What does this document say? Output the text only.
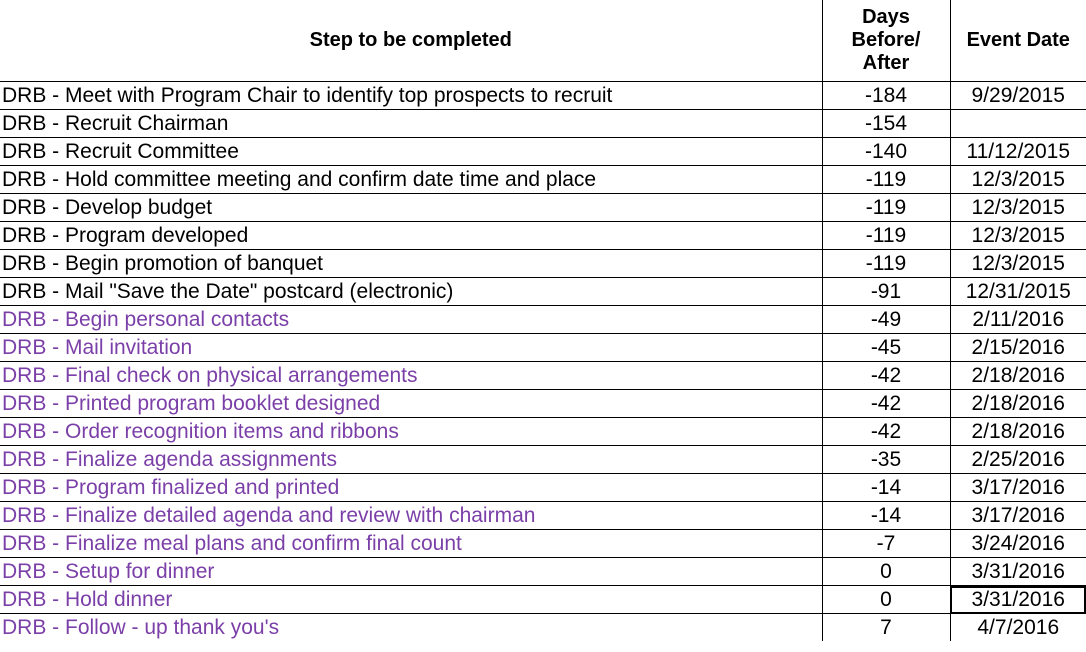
Step to be completed	Days
Before/
After	Event Date
DRB - Meet with Program Chair to identify top prospects to recruit	-184	9/29/2015
DRB - Recruit Chairman	-154	
DRB - Recruit Committee	-140	11/12/2015
DRB - Hold committee meeting and confirm date time and place	-119	12/3/2015
DRB - Develop budget	-119	12/3/2015
DRB - Program developed	-119	12/3/2015
DRB - Begin promotion of banquet	-119	12/3/2015
DRB - Mail "Save the Date" postcard (electronic)	-91	12/31/2015
DRB - Begin personal contacts	-49	2/11/2016
DRB - Mail invitation	-45	2/15/2016
DRB - Final check on physical arrangements	-42	2/18/2016
DRB - Printed program booklet designed	-42	2/18/2016
DRB - Order recognition items and ribbons	-42	2/18/2016
DRB - Finalize agenda assignments	-35	2/25/2016
DRB - Program finalized and printed	-14	3/17/2016
DRB - Finalize detailed agenda and review with chairman	-14	3/17/2016
DRB - Finalize meal plans and confirm final count	-7	3/24/2016
DRB - Setup for dinner	0	3/31/2016
DRB - Hold dinner	0	3/31/2016
DRB - Follow - up thank you's	7	4/7/2016
